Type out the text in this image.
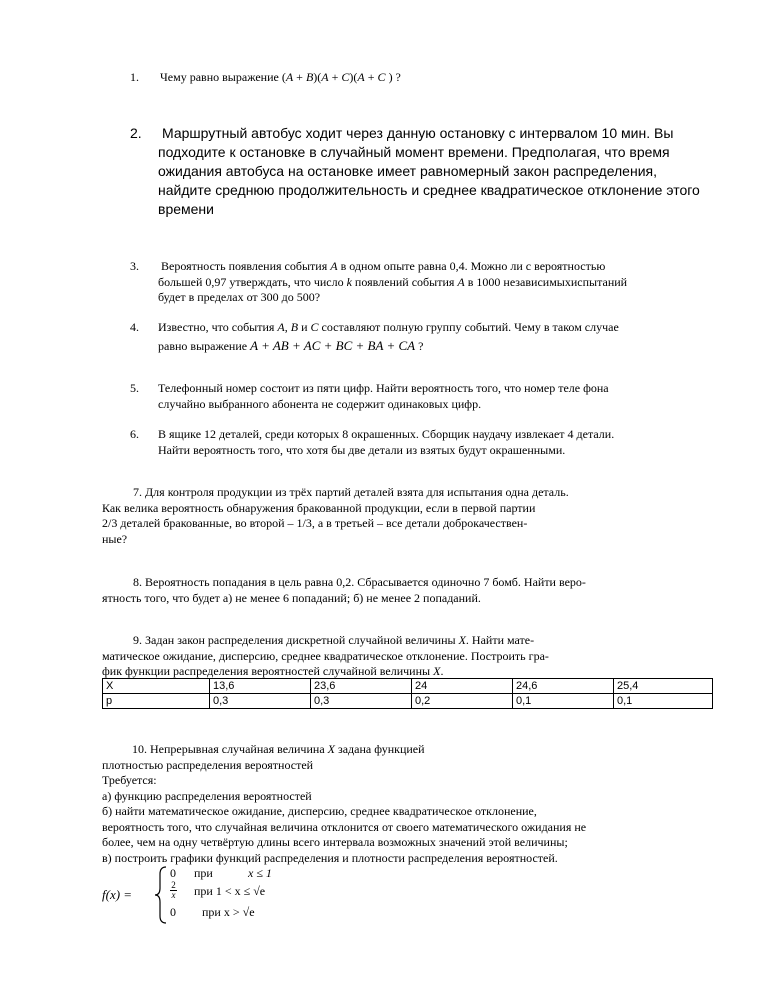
1. Чему равно выражение (A + B)(A + C)(A + C ) ?
2. Маршрутный автобус ходит через данную остановку с интервалом 10 мин. Вы
подходите к остановке в случайный момент времени. Предполагая, что время
ожидания автобуса на остановке имеет равномерный закон распределения,
найдите среднюю продолжительность и среднее квадратическое отклонение этого
времени
3. Вероятность появления события A в одном опыте равна 0,4. Можно ли с вероятностью
большей 0,97 утверждать, что число k появлений события A в 1000 независимыхиспытаний
будет в пределах от 300 до 500?
4. Известно, что события A, B и C составляют полную группу событий. Чему в таком случае
равно выражение A + AB + AC + BC + BA + CA ?
5. Телефонный номер состоит из пяти цифр. Найти вероятность того, что номер теле фона
случайно выбранного абонента не содержит одинаковых цифр.
6. В ящике 12 деталей, среди которых 8 окрашенных. Сборщик наудачу извлекает 4 детали.
Найти вероятность того, что хотя бы две детали из взятых будут окрашенными.
7. Для контроля продукции из трёх партий деталей взята для испытания одна деталь.
Как велика вероятность обнаружения бракованной продукции, если в первой партии
2/3 деталей бракованные, во второй – 1/3, а в третьей – все детали доброкачествен-
ные?
8. Вероятность попадания в цель равна 0,2. Сбрасывается одиночно 7 бомб. Найти веро-
ятность того, что будет а) не менее 6 попаданий; б) не менее 2 попаданий.
9. Задан закон распределения дискретной случайной величины X. Найти мате-
матическое ожидание, дисперсию, среднее квадратическое отклонение. Построить гра-
фик функции распределения вероятностей случайной величины X.
X	13,6	23,6	24	24,6	25,4
p	0,3	0,3	0,2	0,1	0,1
10. Непрерывная случайная величина X задана функцией
плотностью распределения вероятностей
Требуется:
а) функцию распределения вероятностей
б) найти математическое ожидание, дисперсию, среднее квадратическое отклонение,
вероятность того, что случайная величина отклонится от своего математического ожидания не
более, чем на одну четвёртую длины всего интервала возможных значений этой величины;
в) построить графики функций распределения и плотности распределения вероятностей.
f(x) =
0 при	x ≤ 1
2
x при 1 < x ≤ √e
0 при x > √e
